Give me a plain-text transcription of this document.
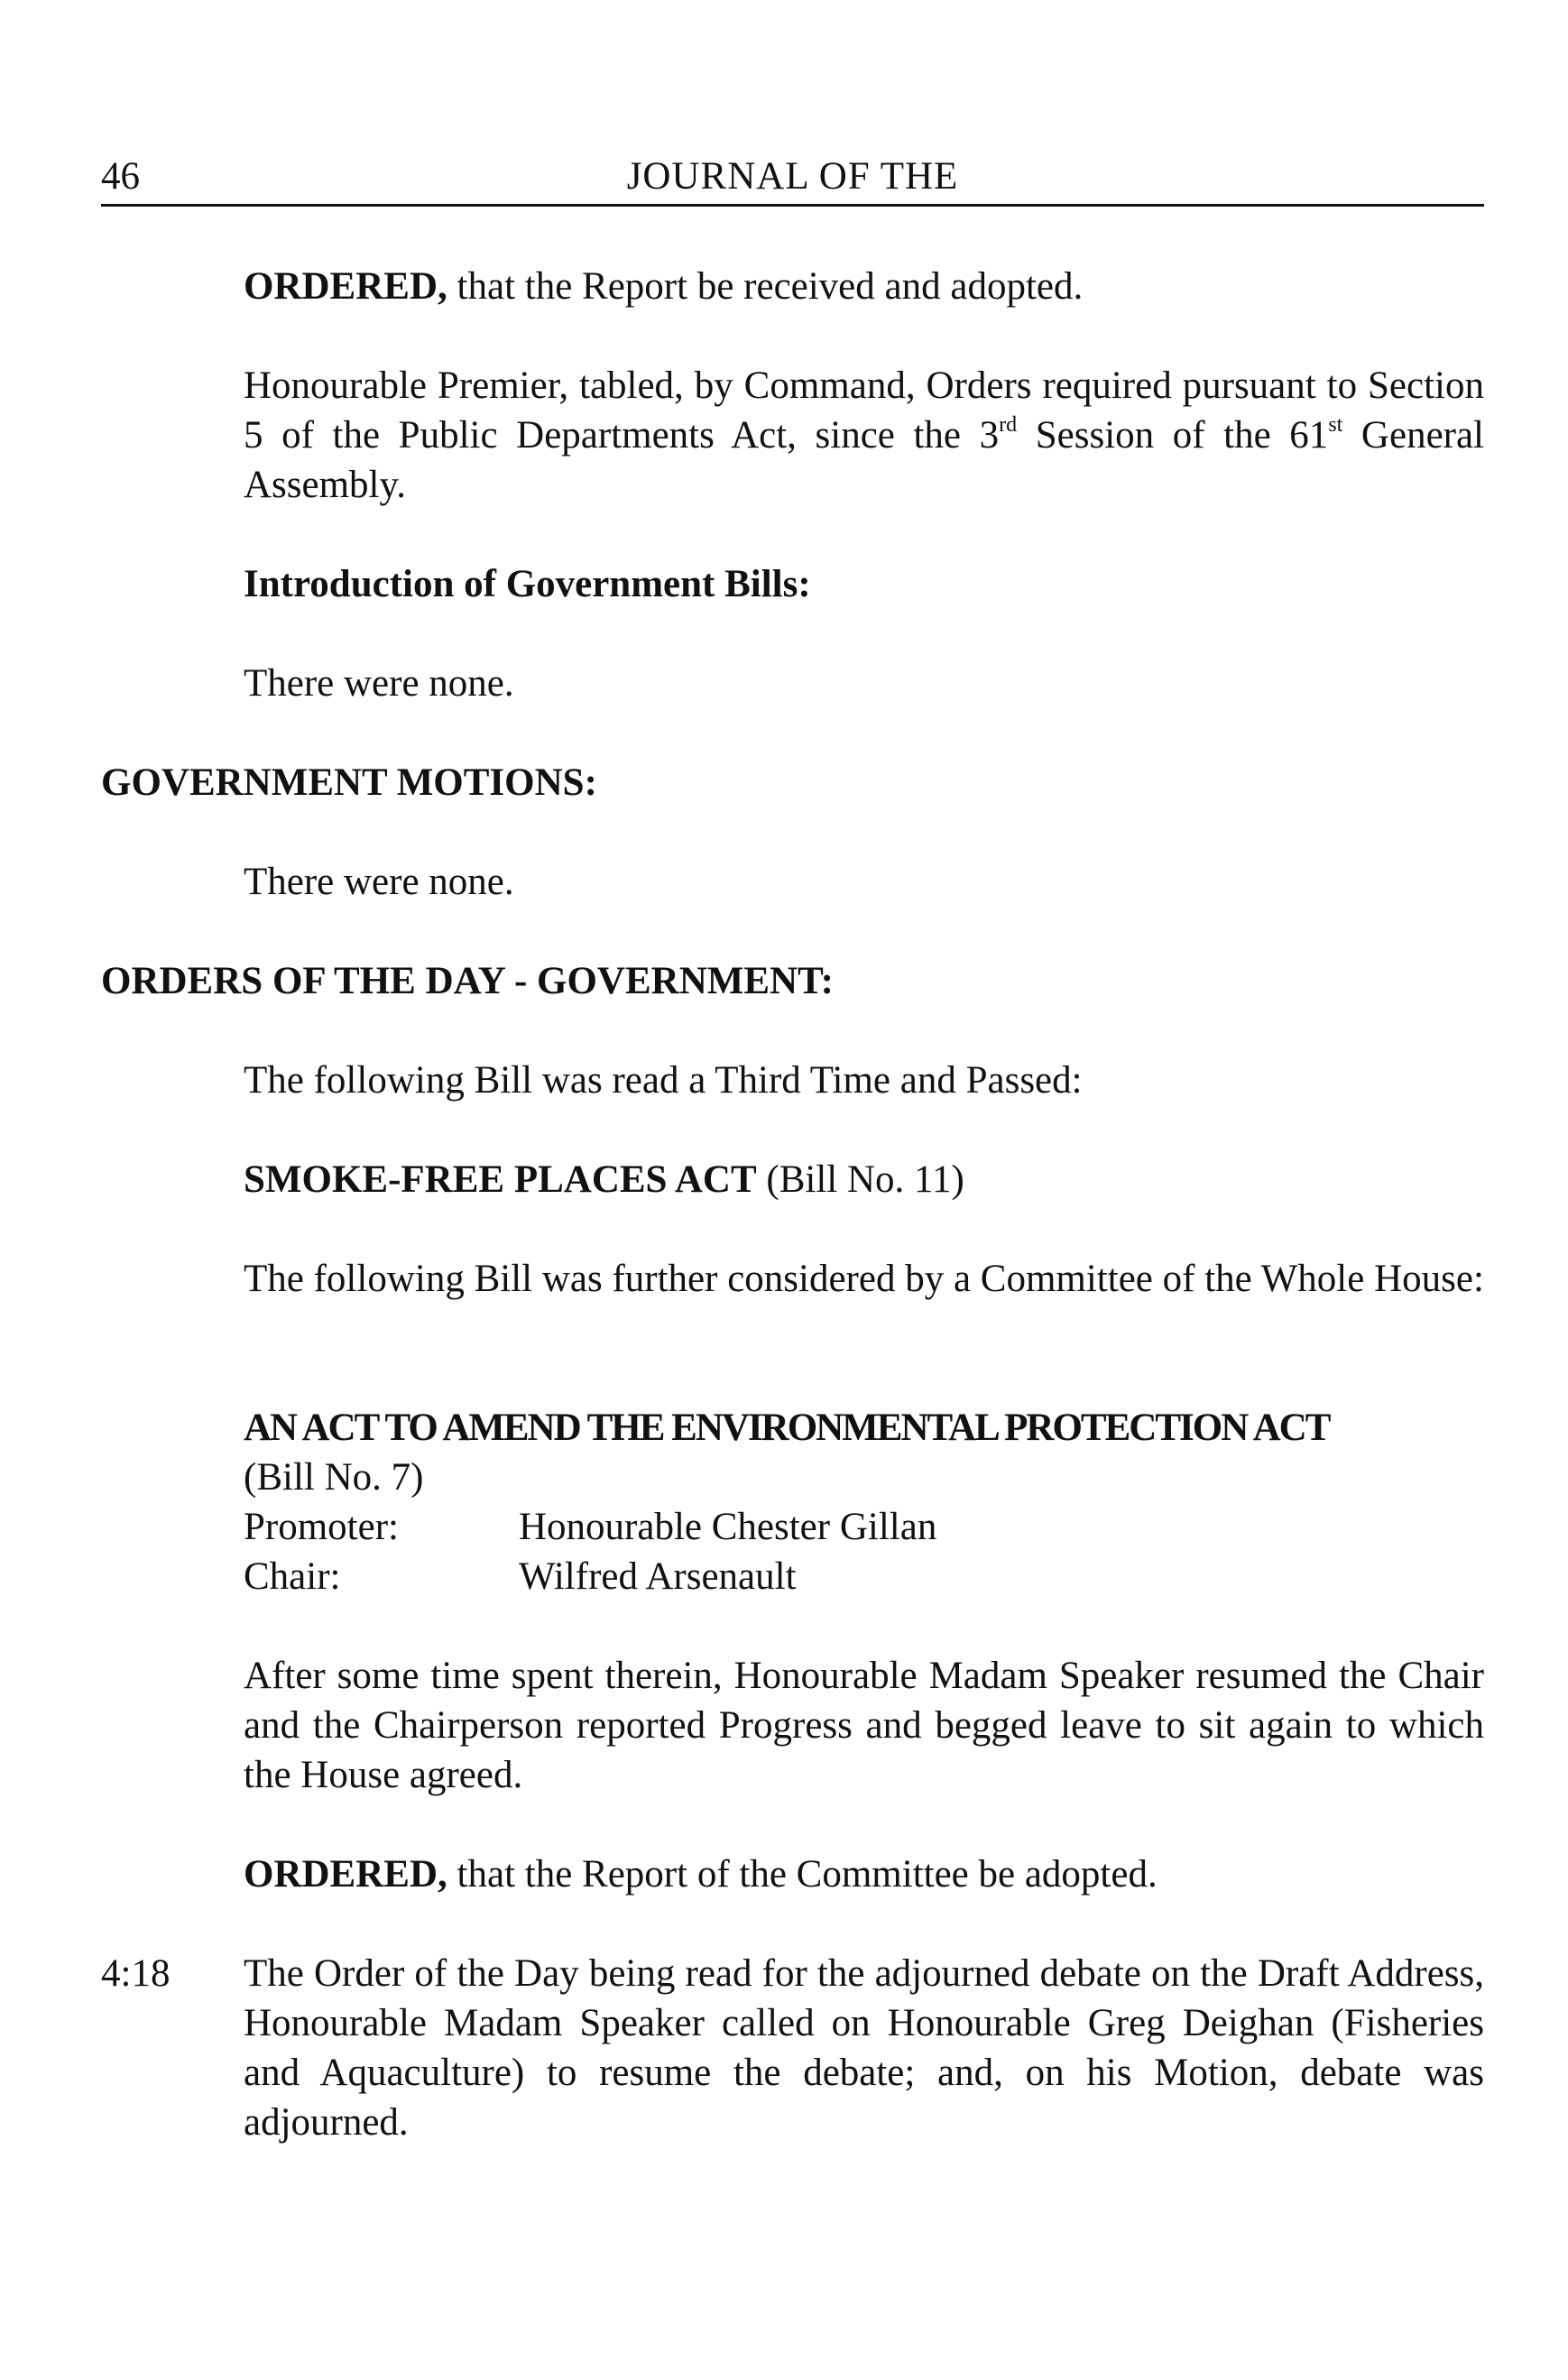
46	JOURNAL OF THE
ORDERED, that the Report be received and adopted.
Honourable Premier, tabled, by Command, Orders required pursuant to Section 5 of the Public Departments Act, since the 3rd Session of the 61st General Assembly.
Introduction of Government Bills:
There were none.
GOVERNMENT MOTIONS:
There were none.
ORDERS OF THE DAY - GOVERNMENT:
The following Bill was read a Third Time and Passed:
SMOKE-FREE PLACES ACT (Bill No. 11)
The following Bill was further considered by a Committee of the Whole House:
AN ACT TO AMEND THE ENVIRONMENTAL PROTECTION ACT
(Bill No. 7)
Promoter:	Honourable Chester Gillan
Chair:	Wilfred Arsenault
After some time spent therein, Honourable Madam Speaker resumed the Chair and the Chairperson reported Progress and begged leave to sit again to which the House agreed.
ORDERED, that the Report of the Committee be adopted.
4:18 The Order of the Day being read for the adjourned debate on the Draft Address, Honourable Madam Speaker called on Honourable Greg Deighan (Fisheries and Aquaculture) to resume the debate; and, on his Motion, debate was adjourned.
